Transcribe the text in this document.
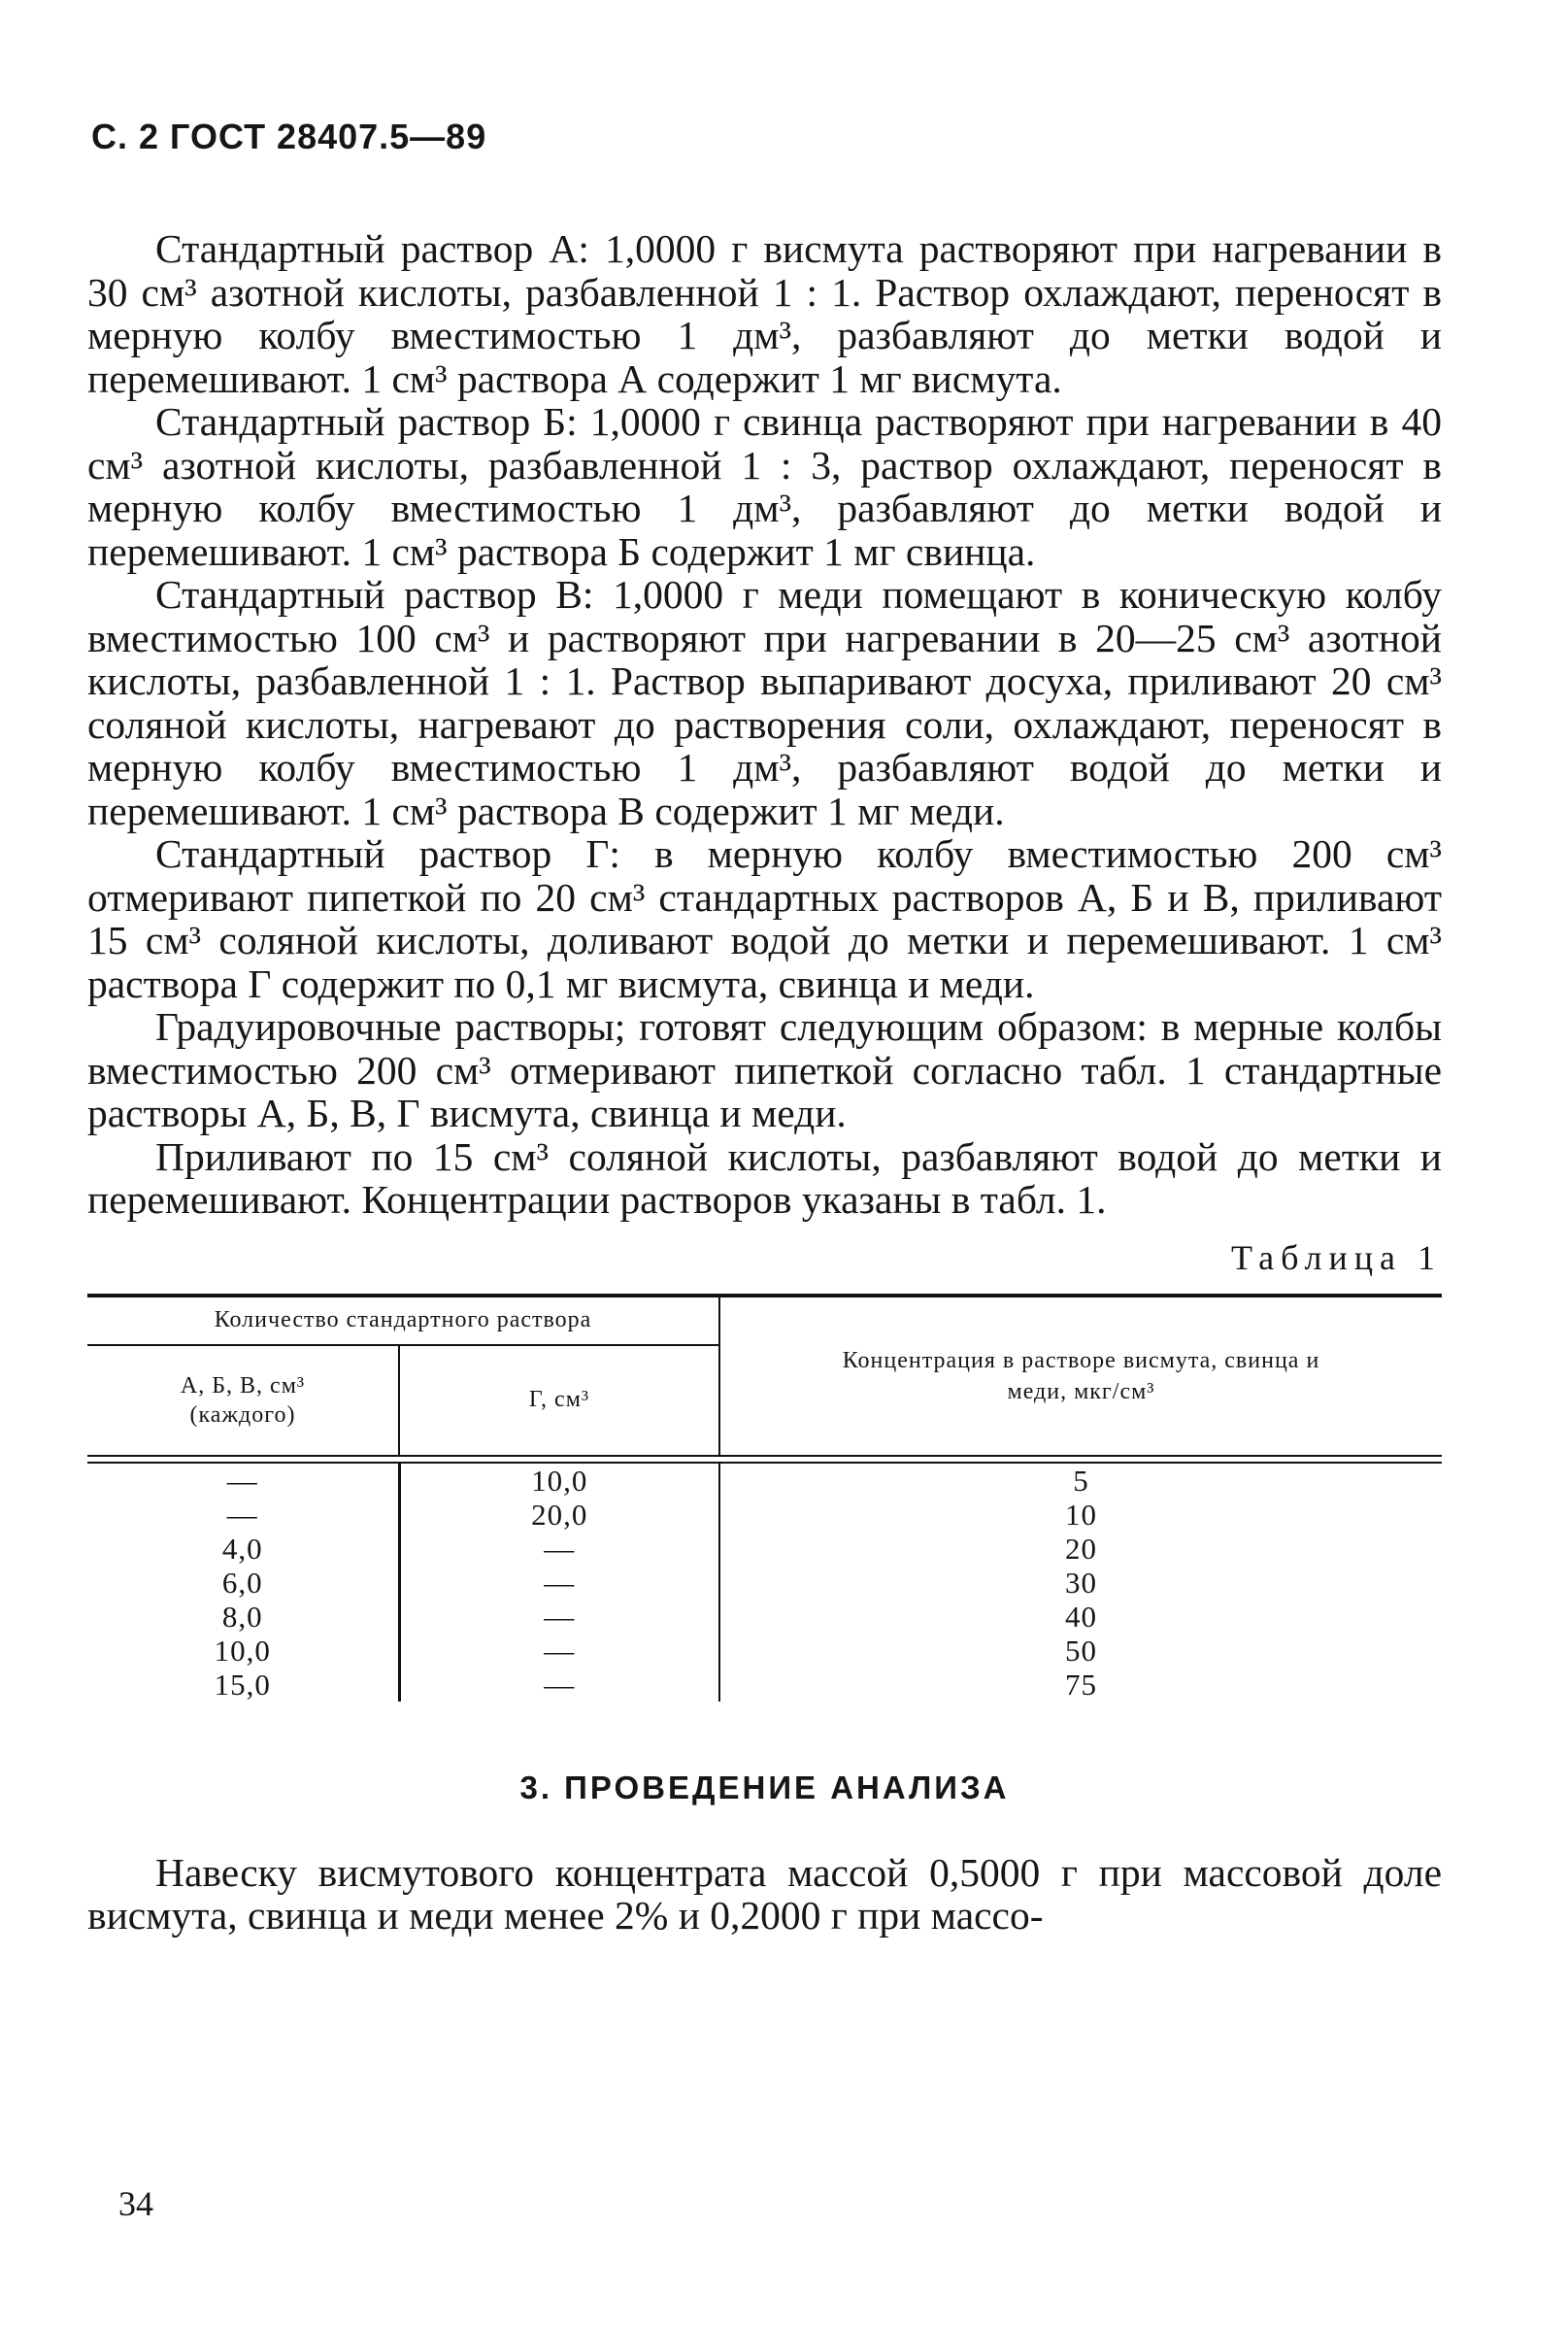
С. 2 ГОСТ 28407.5—89

Стандартный раствор А: 1,0000 г висмута растворяют при нагревании в 30 см³ азотной кислоты, разбавленной 1 : 1. Раствор охлаждают, переносят в мерную колбу вместимостью 1 дм³, разбавляют до метки водой и перемешивают. 1 см³ раствора А содержит 1 мг висмута.

Стандартный раствор Б: 1,0000 г свинца растворяют при нагревании в 40 см³ азотной кислоты, разбавленной 1 : 3, раствор охлаждают, переносят в мерную колбу вместимостью 1 дм³, разбавляют до метки водой и перемешивают. 1 см³ раствора Б содержит 1 мг свинца.

Стандартный раствор В: 1,0000 г меди помещают в коническую колбу вместимостью 100 см³ и растворяют при нагревании в 20—25 см³ азотной кислоты, разбавленной 1 : 1. Раствор выпаривают досуха, приливают 20 см³ соляной кислоты, нагревают до растворения соли, охлаждают, переносят в мерную колбу вместимостью 1 дм³, разбавляют водой до метки и перемешивают. 1 см³ раствора В содержит 1 мг меди.

Стандартный раствор Г: в мерную колбу вместимостью 200 см³ отмеривают пипеткой по 20 см³ стандартных растворов А, Б и В, приливают 15 см³ соляной кислоты, доливают водой до метки и перемешивают. 1 см³ раствора Г содержит по 0,1 мг висмута, свинца и меди.

Градуировочные растворы; готовят следующим образом: в мерные колбы вместимостью 200 см³ отмеривают пипеткой согласно табл. 1 стандартные растворы А, Б, В, Г висмута, свинца и меди.

Приливают по 15 см³ соляной кислоты, разбавляют водой до метки и перемешивают. Концентрации растворов указаны в табл. 1.

Таблица 1
Количество стандартного раствора		Концентрация в растворе висмута, свинца и меди, мкг/см³

А, Б, В, см³ (каждого)	Г, см³	

—	10,0	5
—	20,0	10
4,0	—	20
6,0	—	30
8,0	—	40
10,0	—	50
15,0	—	75
3. ПРОВЕДЕНИЕ АНАЛИЗА

Навеску висмутового концентрата массой 0,5000 г при массовой доле висмута, свинца и меди менее 2% и 0,2000 г при массо-

34
